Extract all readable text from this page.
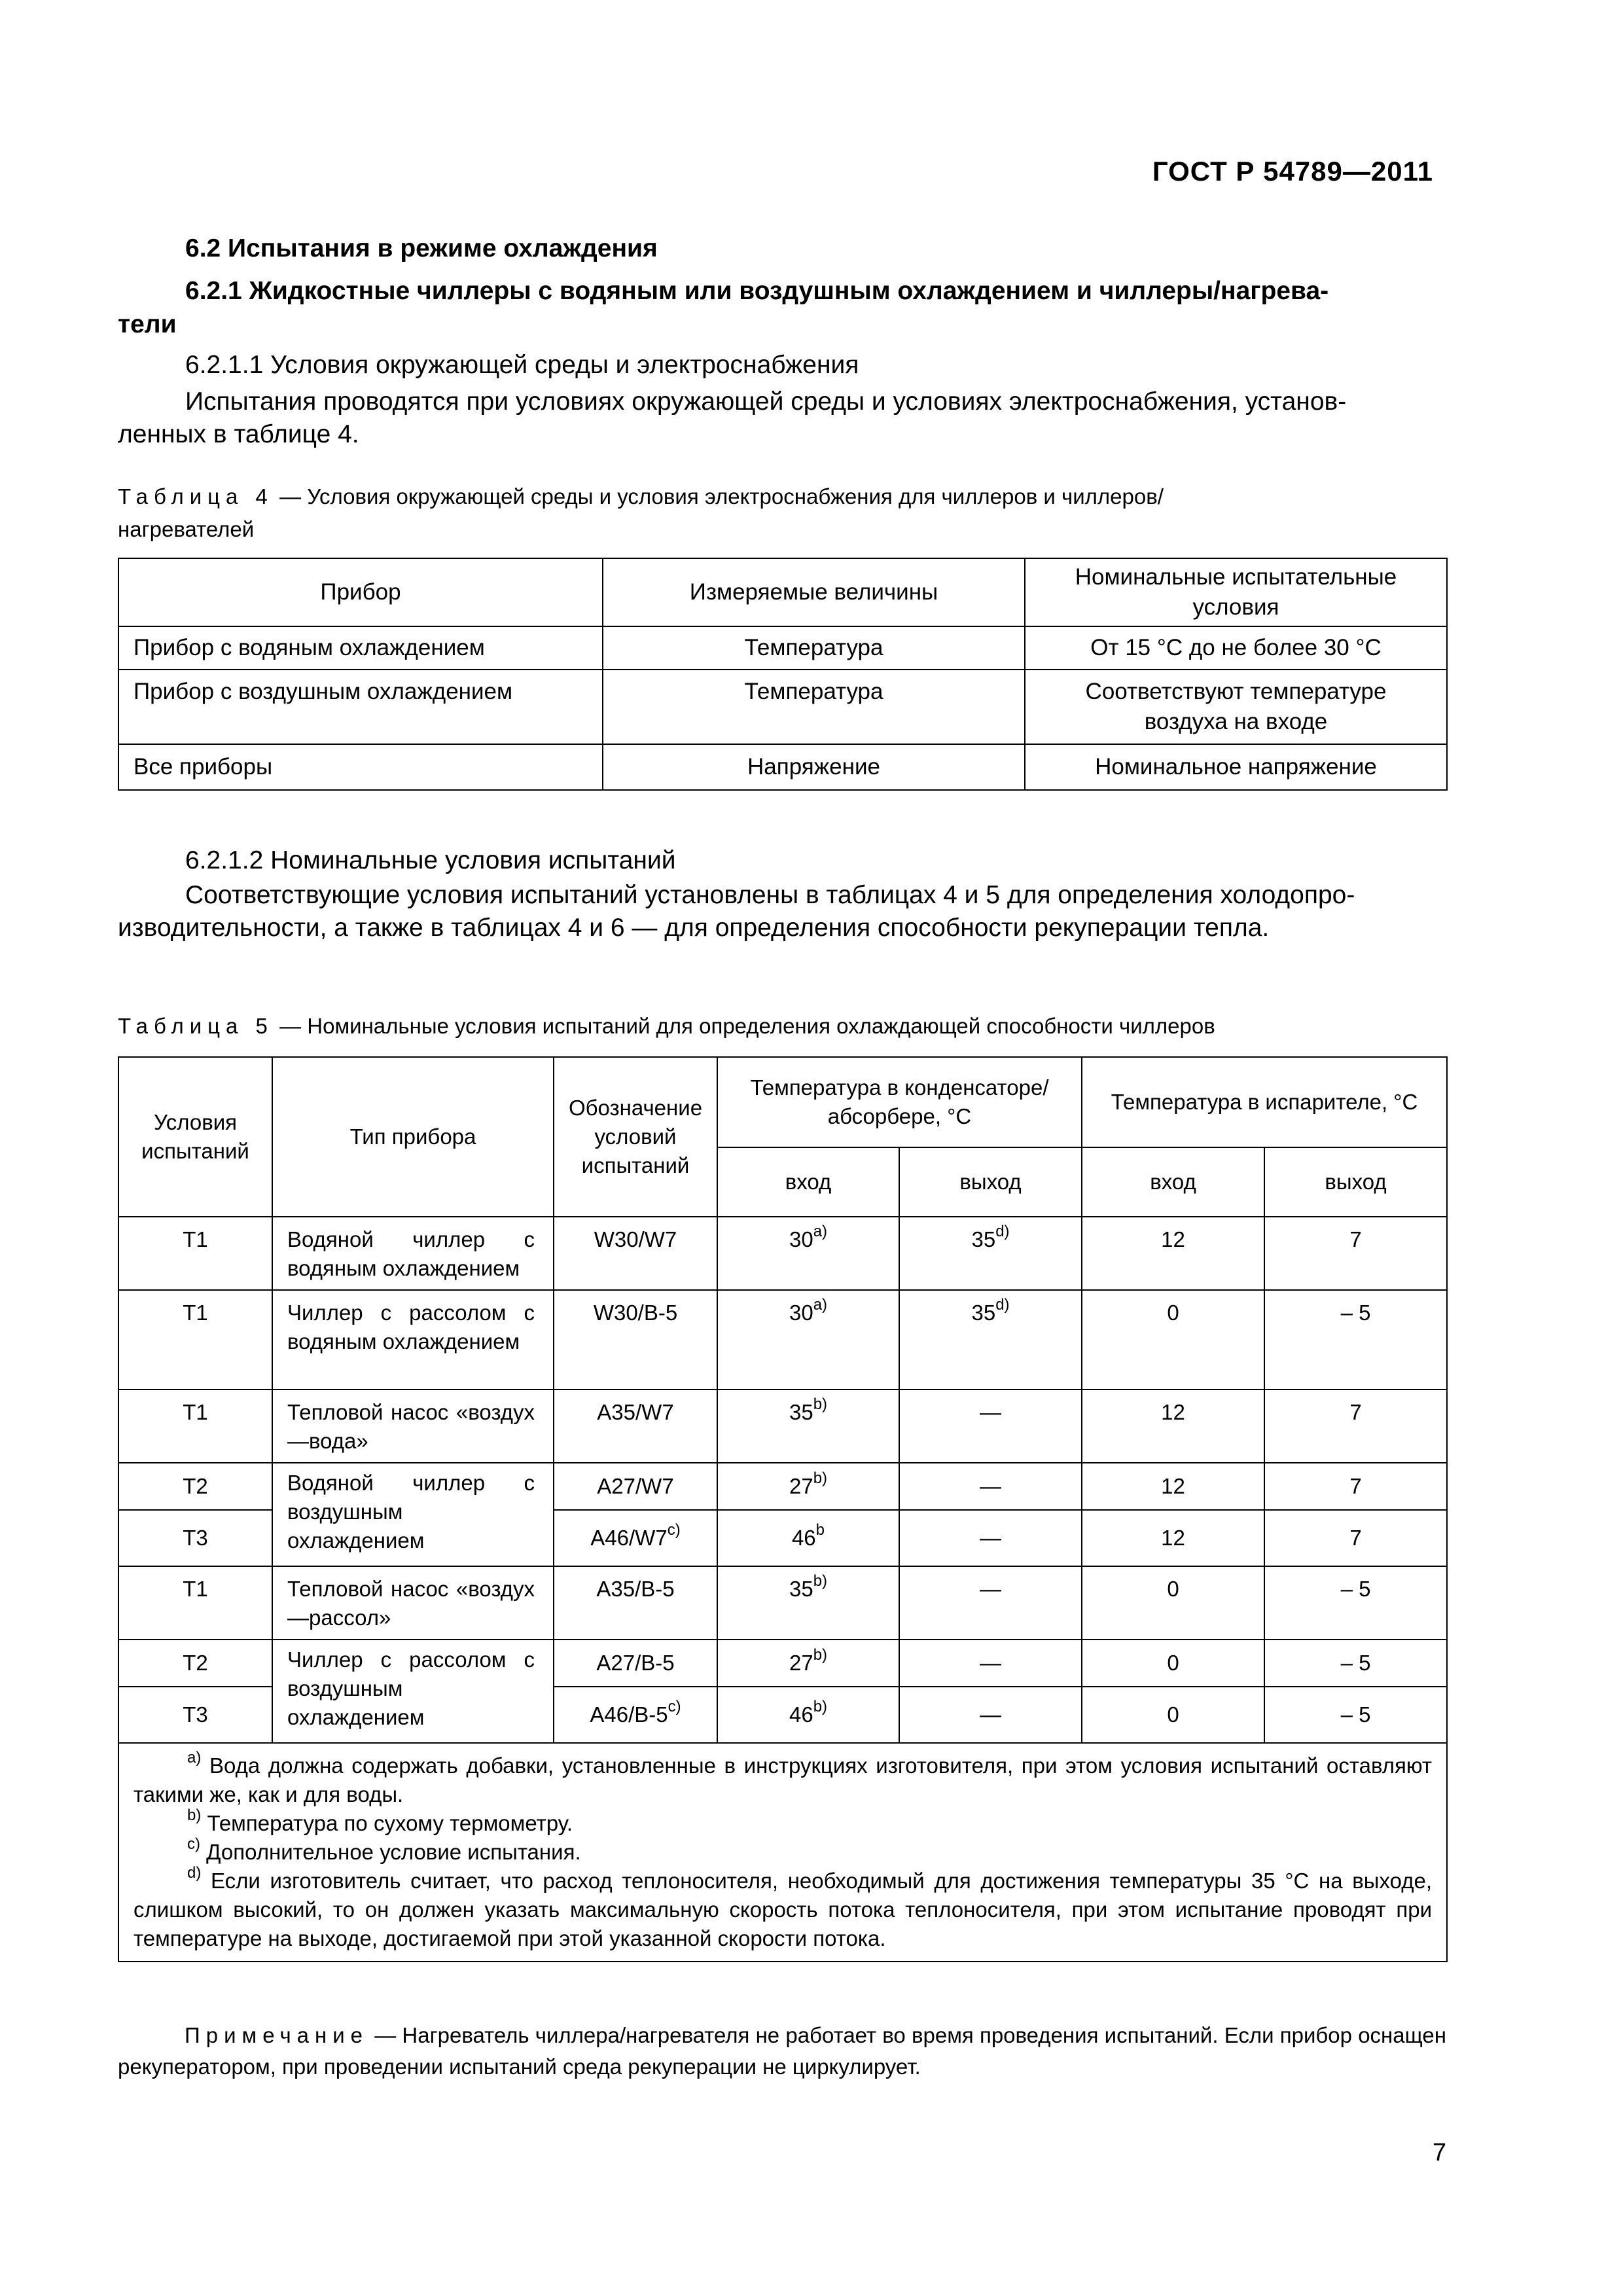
ГОСТ Р 54789—2011
6.2 Испытания в режиме охлаждения
6.2.1 Жидкостные чиллеры с водяным или воздушным охлаждением и чиллеры/нагрева-
тели
6.2.1.1 Условия окружающей среды и электроснабжения
Испытания проводятся при условиях окружающей среды и условиях электроснабжения, установ-
ленных в таблице 4.
Таблица 4 — Условия окружающей среды и условия электроснабжения для чиллеров и чиллеров/
нагревателей
Прибор	Измеряемые величины	Номинальные испытательные условия
Прибор с водяным охлаждением	Температура	От 15 °С до не более 30 °С
Прибор с воздушным охлаждением	Температура	Соответствуют температуре воздуха на входе
Все приборы	Напряжение	Номинальное напряжение
6.2.1.2 Номинальные условия испытаний
Соответствующие условия испытаний установлены в таблицах 4 и 5 для определения холодопро-
изводительности, а также в таблицах 4 и 6 — для определения способности рекуперации тепла.
Таблица 5 — Номинальные условия испытаний для определения охлаждающей способности чиллеров
Условия испытаний	Тип прибора	Обозначение условий испытаний	Температура в конденсаторе/абсорбере, °С		Температура в испарителе, °С	
			вход	выход	вход	выход
Т1	Водяной чиллер с водяным охлаждением	W30/W7	30$^{a)}$	35$^{d)}$	12	7
Т1	Чиллер с рассолом с водяным охлаждением	W30/B-5	30$^{a)}$	35$^{d)}$	0	– 5
Т1	Тепловой насос «воздух—вода»	A35/W7	35$^{b)}$	—	12	7
Т2	Водяной чиллер с воздушным охлаждением	A27/W7	27$^{b)}$	—	12	7
Т3		A46/W7$^{c)}$	46$^b$	—	12	7
Т1	Тепловой насос «воздух—рассол»	A35/B-5	35$^{b)}$	—	0	– 5
Т2	Чиллер с рассолом с воздушным охлаждением	A27/B-5	27$^{b)}$	—	0	– 5
Т3		A46/B-5$^{c)}$	46$^{b)}$	—	0	– 5

$^{a)}$ Вода должна содержать добавки, установленные в инструкциях изготовителя, при этом условия испытаний оставляют такими же, как и для воды.
$^{b)}$ Температура по сухому термометру.
$^{c)}$ Дополнительное условие испытания.
$^{d)}$ Если изготовитель считает, что расход теплоносителя, необходимый для достижения температуры 35 °С на выходе, слишком высокий, то он должен указать максимальную скорость потока теплоносителя, при этом испытание проводят при температуре на выходе, достигаемой при этой указанной скорости потока.						
Примечание — Нагреватель чиллера/нагревателя не работает во время проведения испытаний. Если прибор оснащен рекуператором, при проведении испытаний среда рекуперации не циркулирует.
7
